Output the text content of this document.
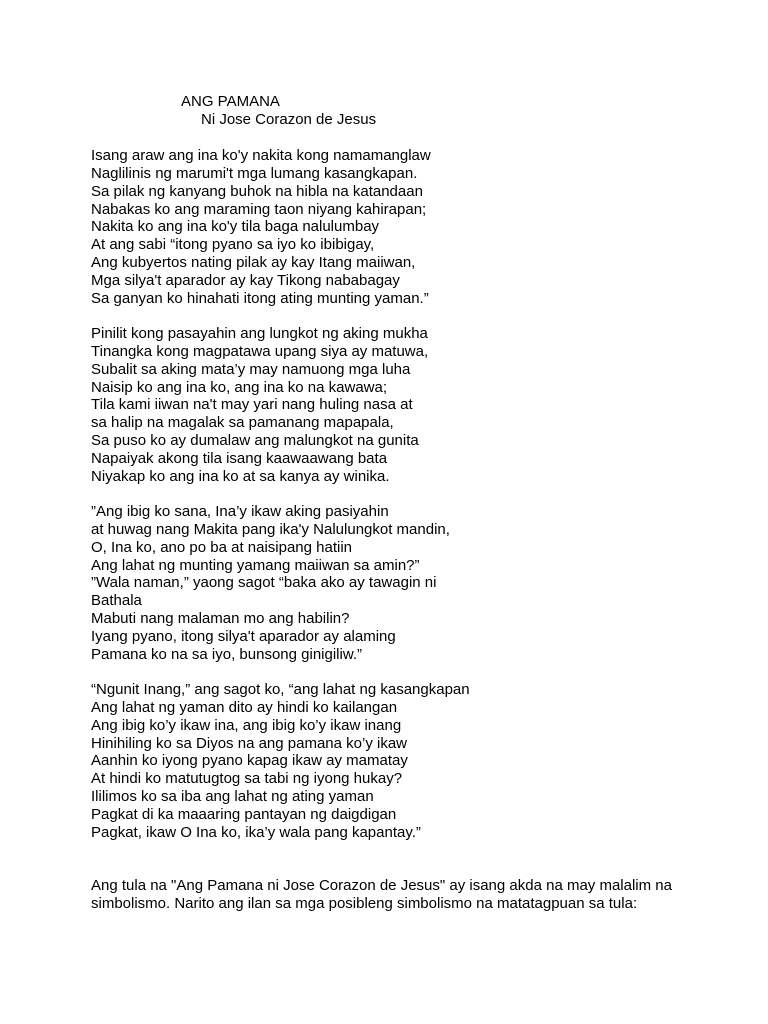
ANG PAMANA
Ni Jose Corazon de Jesus
Isang araw ang ina ko'y nakita kong namamanglaw
Naglilinis ng marumi't mga lumang kasangkapan.
Sa pilak ng kanyang buhok na hibla na katandaan
Nabakas ko ang maraming taon niyang kahirapan;
Nakita ko ang ina ko'y tila baga nalulumbay
At ang sabi “itong pyano sa iyo ko ibibigay,
Ang kubyertos nating pilak ay kay Itang maiiwan,
Mga silya't aparador ay kay Tikong nababagay
Sa ganyan ko hinahati itong ating munting yaman.”
Pinilit kong pasayahin ang lungkot ng aking mukha
Tinangka kong magpatawa upang siya ay matuwa,
Subalit sa aking mata’y may namuong mga luha
Naisip ko ang ina ko, ang ina ko na kawawa;
Tila kami iiwan na't may yari nang huling nasa at
sa halip na magalak sa pamanang mapapala,
Sa puso ko ay dumalaw ang malungkot na gunita
Napaiyak akong tila isang kaawaawang bata
Niyakap ko ang ina ko at sa kanya ay winika.
”Ang ibig ko sana, Ina’y ikaw aking pasiyahin
at huwag nang Makita pang ika'y Nalulungkot mandin,
O, Ina ko, ano po ba at naisipang hatiin
Ang lahat ng munting yamang maiiwan sa amin?”
”Wala naman,” yaong sagot “baka ako ay tawagin ni
Bathala
Mabuti nang malaman mo ang habilin?
Iyang pyano, itong silya't aparador ay alaming
Pamana ko na sa iyo, bunsong ginigiliw.”
“Ngunit Inang,” ang sagot ko, “ang lahat ng kasangkapan
Ang lahat ng yaman dito ay hindi ko kailangan
Ang ibig ko’y ikaw ina, ang ibig ko’y ikaw inang
Hinihiling ko sa Diyos na ang pamana ko’y ikaw
Aanhin ko iyong pyano kapag ikaw ay mamatay
At hindi ko matutugtog sa tabi ng iyong hukay?
Ililimos ko sa iba ang lahat ng ating yaman
Pagkat di ka maaaring pantayan ng daigdigan
Pagkat, ikaw O Ina ko, ika’y wala pang kapantay.”
Ang tula na "Ang Pamana ni Jose Corazon de Jesus" ay isang akda na may malalim na
simbolismo. Narito ang ilan sa mga posibleng simbolismo na matatagpuan sa tula:
